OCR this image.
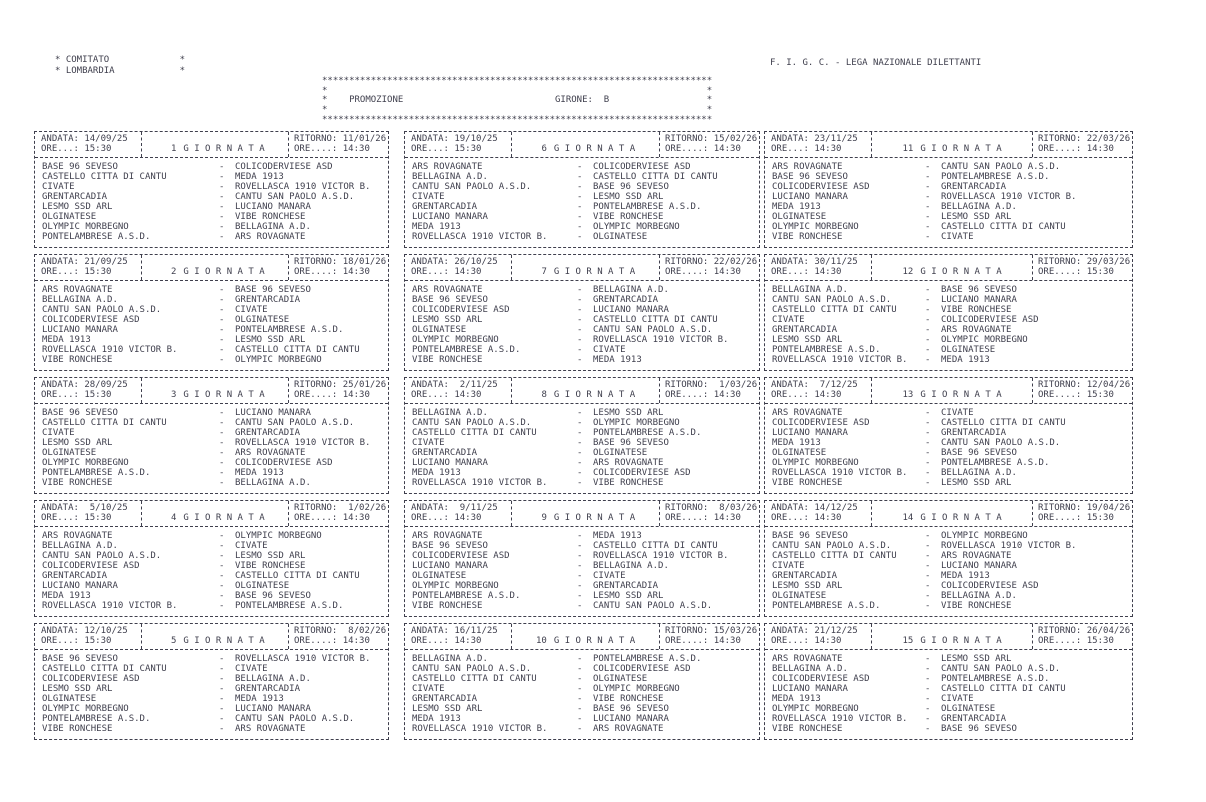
* COMITATO             *
* LOMBARDIA            *
F. I. G. C. - LEGA NAZIONALE DILETTANTI
************************************************************************
*                                                                      *
*    PROMOZIONE                            GIRONE:  B                  *
*                                                                      *
************************************************************************
ANDATA: 14/09/25
ORE...: 15:30
	1 G I O R N A T A
RITORNO: 11/01/26
ORE....: 14:30
BASE 96 SEVESO	-	COLICODERVIESE ASD
CASTELLO CITTA DI CANTU	-	MEDA 1913
CIVATE	-	ROVELLASCA 1910 VICTOR B.
GRENTARCADIA	-	CANTU SAN PAOLO A.S.D.
LESMO SSD ARL	-	LUCIANO MANARA
OLGINATESE	-	VIBE RONCHESE
OLYMPIC MORBEGNO	-	BELLAGINA A.D.
PONTELAMBRESE A.S.D.	-	ARS ROVAGNATE
ANDATA: 21/09/25
ORE...: 15:30
	2 G I O R N A T A
RITORNO: 18/01/26
ORE....: 14:30
ARS ROVAGNATE	-	BASE 96 SEVESO
BELLAGINA A.D.	-	GRENTARCADIA
CANTU SAN PAOLO A.S.D.	-	CIVATE
COLICODERVIESE ASD	-	OLGINATESE
LUCIANO MANARA	-	PONTELAMBRESE A.S.D.
MEDA 1913	-	LESMO SSD ARL
ROVELLASCA 1910 VICTOR B.	-	CASTELLO CITTA DI CANTU
VIBE RONCHESE	-	OLYMPIC MORBEGNO
ANDATA: 28/09/25
ORE...: 15:30
	3 G I O R N A T A
RITORNO: 25/01/26
ORE....: 14:30
BASE 96 SEVESO	-	LUCIANO MANARA
CASTELLO CITTA DI CANTU	-	CANTU SAN PAOLO A.S.D.
CIVATE	-	GRENTARCADIA
LESMO SSD ARL	-	ROVELLASCA 1910 VICTOR B.
OLGINATESE	-	ARS ROVAGNATE
OLYMPIC MORBEGNO	-	COLICODERVIESE ASD
PONTELAMBRESE A.S.D.	-	MEDA 1913
VIBE RONCHESE	-	BELLAGINA A.D.
ANDATA:  5/10/25
ORE...: 15:30
	4 G I O R N A T A
RITORNO:  1/02/26
ORE....: 14:30
ARS ROVAGNATE	-	OLYMPIC MORBEGNO
BELLAGINA A.D.	-	CIVATE
CANTU SAN PAOLO A.S.D.	-	LESMO SSD ARL
COLICODERVIESE ASD	-	VIBE RONCHESE
GRENTARCADIA	-	CASTELLO CITTA DI CANTU
LUCIANO MANARA	-	OLGINATESE
MEDA 1913	-	BASE 96 SEVESO
ROVELLASCA 1910 VICTOR B.	-	PONTELAMBRESE A.S.D.
ANDATA: 12/10/25
ORE...: 15:30
	5 G I O R N A T A
RITORNO:  8/02/26
ORE....: 14:30
BASE 96 SEVESO	-	ROVELLASCA 1910 VICTOR B.
CASTELLO CITTA DI CANTU	-	CIVATE
COLICODERVIESE ASD	-	BELLAGINA A.D.
LESMO SSD ARL	-	GRENTARCADIA
OLGINATESE	-	MEDA 1913
OLYMPIC MORBEGNO	-	LUCIANO MANARA
PONTELAMBRESE A.S.D.	-	CANTU SAN PAOLO A.S.D.
VIBE RONCHESE	-	ARS ROVAGNATE
ANDATA: 19/10/25
ORE...: 15:30
	6 G I O R N A T A
RITORNO: 15/02/26
ORE....: 14:30
ARS ROVAGNATE	-	COLICODERVIESE ASD
BELLAGINA A.D.	-	CASTELLO CITTA DI CANTU
CANTU SAN PAOLO A.S.D.	-	BASE 96 SEVESO
CIVATE	-	LESMO SSD ARL
GRENTARCADIA	-	PONTELAMBRESE A.S.D.
LUCIANO MANARA	-	VIBE RONCHESE
MEDA 1913	-	OLYMPIC MORBEGNO
ROVELLASCA 1910 VICTOR B.	-	OLGINATESE
ANDATA: 26/10/25
ORE...: 14:30
	7 G I O R N A T A
RITORNO: 22/02/26
ORE....: 14:30
ARS ROVAGNATE	-	BELLAGINA A.D.
BASE 96 SEVESO	-	GRENTARCADIA
COLICODERVIESE ASD	-	LUCIANO MANARA
LESMO SSD ARL	-	CASTELLO CITTA DI CANTU
OLGINATESE	-	CANTU SAN PAOLO A.S.D.
OLYMPIC MORBEGNO	-	ROVELLASCA 1910 VICTOR B.
PONTELAMBRESE A.S.D.	-	CIVATE
VIBE RONCHESE	-	MEDA 1913
ANDATA:  2/11/25
ORE...: 14:30
	8 G I O R N A T A
RITORNO:  1/03/26
ORE....: 14:30
BELLAGINA A.D.	-	LESMO SSD ARL
CANTU SAN PAOLO A.S.D.	-	OLYMPIC MORBEGNO
CASTELLO CITTA DI CANTU	-	PONTELAMBRESE A.S.D.
CIVATE	-	BASE 96 SEVESO
GRENTARCADIA	-	OLGINATESE
LUCIANO MANARA	-	ARS ROVAGNATE
MEDA 1913	-	COLICODERVIESE ASD
ROVELLASCA 1910 VICTOR B.	-	VIBE RONCHESE
ANDATA:  9/11/25
ORE...: 14:30
	9 G I O R N A T A
RITORNO:  8/03/26
ORE....: 14:30
ARS ROVAGNATE	-	MEDA 1913
BASE 96 SEVESO	-	CASTELLO CITTA DI CANTU
COLICODERVIESE ASD	-	ROVELLASCA 1910 VICTOR B.
LUCIANO MANARA	-	BELLAGINA A.D.
OLGINATESE	-	CIVATE
OLYMPIC MORBEGNO	-	GRENTARCADIA
PONTELAMBRESE A.S.D.	-	LESMO SSD ARL
VIBE RONCHESE	-	CANTU SAN PAOLO A.S.D.
ANDATA: 16/11/25
ORE...: 14:30
	10 G I O R N A T A
RITORNO: 15/03/26
ORE....: 14:30
BELLAGINA A.D.	-	PONTELAMBRESE A.S.D.
CANTU SAN PAOLO A.S.D.	-	COLICODERVIESE ASD
CASTELLO CITTA DI CANTU	-	OLGINATESE
CIVATE	-	OLYMPIC MORBEGNO
GRENTARCADIA	-	VIBE RONCHESE
LESMO SSD ARL	-	BASE 96 SEVESO
MEDA 1913	-	LUCIANO MANARA
ROVELLASCA 1910 VICTOR B.	-	ARS ROVAGNATE
ANDATA: 23/11/25
ORE...: 14:30
	11 G I O R N A T A
RITORNO: 22/03/26
ORE....: 14:30
ARS ROVAGNATE	-	CANTU SAN PAOLO A.S.D.
BASE 96 SEVESO	-	PONTELAMBRESE A.S.D.
COLICODERVIESE ASD	-	GRENTARCADIA
LUCIANO MANARA	-	ROVELLASCA 1910 VICTOR B.
MEDA 1913	-	BELLAGINA A.D.
OLGINATESE	-	LESMO SSD ARL
OLYMPIC MORBEGNO	-	CASTELLO CITTA DI CANTU
VIBE RONCHESE	-	CIVATE
ANDATA: 30/11/25
ORE...: 14:30
	12 G I O R N A T A
RITORNO: 29/03/26
ORE....: 15:30
BELLAGINA A.D.	-	BASE 96 SEVESO
CANTU SAN PAOLO A.S.D.	-	LUCIANO MANARA
CASTELLO CITTA DI CANTU	-	VIBE RONCHESE
CIVATE	-	COLICODERVIESE ASD
GRENTARCADIA	-	ARS ROVAGNATE
LESMO SSD ARL	-	OLYMPIC MORBEGNO
PONTELAMBRESE A.S.D.	-	OLGINATESE
ROVELLASCA 1910 VICTOR B.	-	MEDA 1913
ANDATA:  7/12/25
ORE...: 14:30
	13 G I O R N A T A
RITORNO: 12/04/26
ORE....: 15:30
ARS ROVAGNATE	-	CIVATE
COLICODERVIESE ASD	-	CASTELLO CITTA DI CANTU
LUCIANO MANARA	-	GRENTARCADIA
MEDA 1913	-	CANTU SAN PAOLO A.S.D.
OLGINATESE	-	BASE 96 SEVESO
OLYMPIC MORBEGNO	-	PONTELAMBRESE A.S.D.
ROVELLASCA 1910 VICTOR B.	-	BELLAGINA A.D.
VIBE RONCHESE	-	LESMO SSD ARL
ANDATA: 14/12/25
ORE...: 14:30
	14 G I O R N A T A
RITORNO: 19/04/26
ORE....: 15:30
BASE 96 SEVESO	-	OLYMPIC MORBEGNO
CANTU SAN PAOLO A.S.D.	-	ROVELLASCA 1910 VICTOR B.
CASTELLO CITTA DI CANTU	-	ARS ROVAGNATE
CIVATE	-	LUCIANO MANARA
GRENTARCADIA	-	MEDA 1913
LESMO SSD ARL	-	COLICODERVIESE ASD
OLGINATESE	-	BELLAGINA A.D.
PONTELAMBRESE A.S.D.	-	VIBE RONCHESE
ANDATA: 21/12/25
ORE...: 14:30
	15 G I O R N A T A
RITORNO: 26/04/26
ORE....: 15:30
ARS ROVAGNATE	-	LESMO SSD ARL
BELLAGINA A.D.	-	CANTU SAN PAOLO A.S.D.
COLICODERVIESE ASD	-	PONTELAMBRESE A.S.D.
LUCIANO MANARA	-	CASTELLO CITTA DI CANTU
MEDA 1913	-	CIVATE
OLYMPIC MORBEGNO	-	OLGINATESE
ROVELLASCA 1910 VICTOR B.	-	GRENTARCADIA
VIBE RONCHESE	-	BASE 96 SEVESO
